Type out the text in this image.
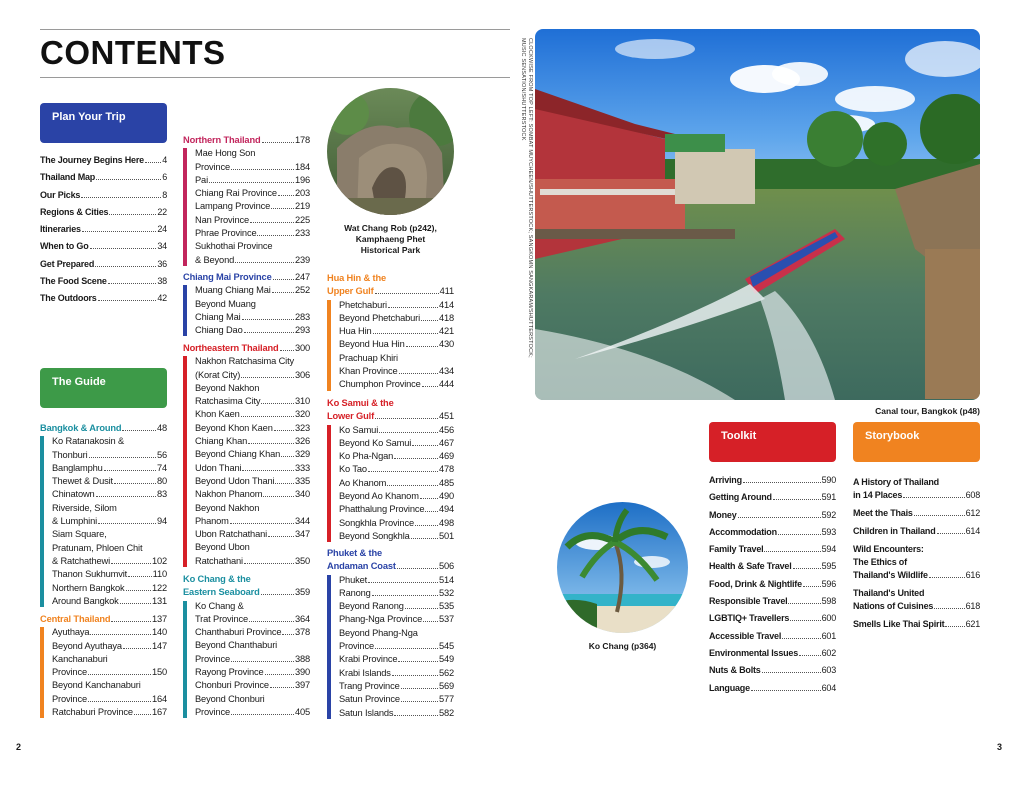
CONTENTS
Plan Your Trip
The Journey Begins Here 4
Thailand Map	6
Our Picks	8
Regions & Cities	22
Itineraries	24
When to Go	34
Get Prepared	36
The Food Scene	38
The Outdoors	42
The Guide
Bangkok & Around	48
Ko Ratanakosin &
Thonburi	56
Banglamphu	74
Thewet & Dusit	80
Chinatown	83
Riverside, Silom
& Lumphini	94
Siam Square,
Pratunam, Phloen Chit
& Ratchathewi	102
Thanon Sukhumvit	110
Northern Bangkok	122
Around Bangkok	131
Central Thailand	137
Ayuthaya	140
Beyond Ayuthaya	147
Kanchanaburi
Province	150
Beyond Kanchanaburi
Province	164
Ratchaburi Province 167
Northern Thailand	178
Mae Hong Son
Province	184
Pai	196
Chiang Rai Province 203
Lampang Province	219
Nan Province	225
Phrae Province	233
Sukhothai Province
& Beyond	239
Chiang Mai Province	247
Muang Chiang Mai	252
Beyond Muang
Chiang Mai	283
Chiang Dao	293
Northeastern Thailand 300
Nakhon Ratchasima City
(Korat City)	306
Beyond Nakhon
Ratchasima City	310
Khon Kaen	320
Beyond Khon Kaen 323
Chiang Khan	326
Beyond Chiang Khan 329
Udon Thani	333
Beyond Udon Thani 335
Nakhon Phanom	340
Beyond Nakhon
Phanom	344
Ubon Ratchathani	347
Beyond Ubon
Ratchathani	350
Ko Chang & the
Eastern Seaboard	359
Ko Chang &
Trat Province	364
Chanthaburi Province 378
Beyond Chanthaburi
Province	388
Rayong Province	390
Chonburi Province	397
Beyond Chonburi
Province	405
Hua Hin & the
Upper Gulf	411
Phetchaburi	414
Beyond Phetchaburi 418
Hua Hin	421
Beyond Hua Hin	430
Prachuap Khiri
Khan Province	434
Chumphon Province 444
Ko Samui & the
Lower Gulf	451
Ko Samui	456
Beyond Ko Samui	467
Ko Pha-Ngan	469
Ko Tao	478
Ao Khanom	485
Beyond Ao Khanom 490
Phatthalung Province 494
Songkhla Province	498
Beyond Songkhla	501
Phuket & the
Andaman Coast	506
Phuket	514
Ranong	532
Beyond Ranong	535
Phang-Nga Province 537
Beyond Phang-Nga
Province	545
Krabi Province	549
Krabi Islands	562
Trang Province	569
Satun Province	577
Satun Islands	582
Wat Chang Rob (p242),
Kamphaeng Phet
Historical Park
CLOCKWISE FROM TOP LEFT: SOMBAT MUYCHEEN/SHUTTERSTOCK; SANGKOMN SANGKARAM/SHUTTERSTOCK;
MUSIC SENSATION/SHUTTERSTOCK
Canal tour, Bangkok (p48)
Toolkit
Arriving	590
Getting Around	591
Money	592
Accommodation	593
Family Travel	594
Health & Safe Travel	595
Food, Drink & Nightlife 596
Responsible Travel	598
LGBTIQ+ Travellers	600
Accessible Travel	601
Environmental Issues	602
Nuts & Bolts	603
Language	604
Storybook
A History of Thailand
in 14 Places	608
Meet the Thais	612
Children in Thailand	614
Wild Encounters:
The Ethics of
Thailand's Wildlife	616
Thailand's United
Nations of Cuisines	618
Smells Like Thai Spirit 621
Ko Chang (p364)
2	3
